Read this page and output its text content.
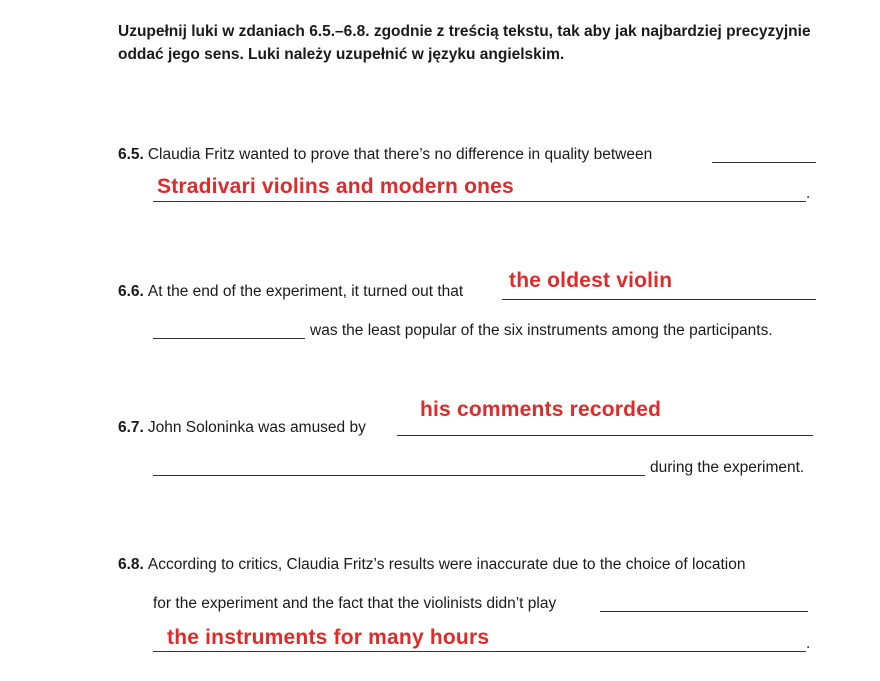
Uzupełnij luki w zdaniach 6.5.–6.8. zgodnie z treścią tekstu, tak aby jak najbardziej precyzyjnie oddać jego sens. Luki należy uzupełnić w języku angielskim.
6.5. Claudia Fritz wanted to prove that there’s no difference in quality between
Stradivari violins and modern ones	.
6.6. At the end of the experiment, it turned out that the oldest violin
was the least popular of the six instruments among the participants.
his comments recorded
6.7. John Soloninka was amused by
during the experiment.
6.8. According to critics, Claudia Fritz’s results were inaccurate due to the choice of location
for the experiment and the fact that the violinists didn’t play
the instruments for many hours	.
